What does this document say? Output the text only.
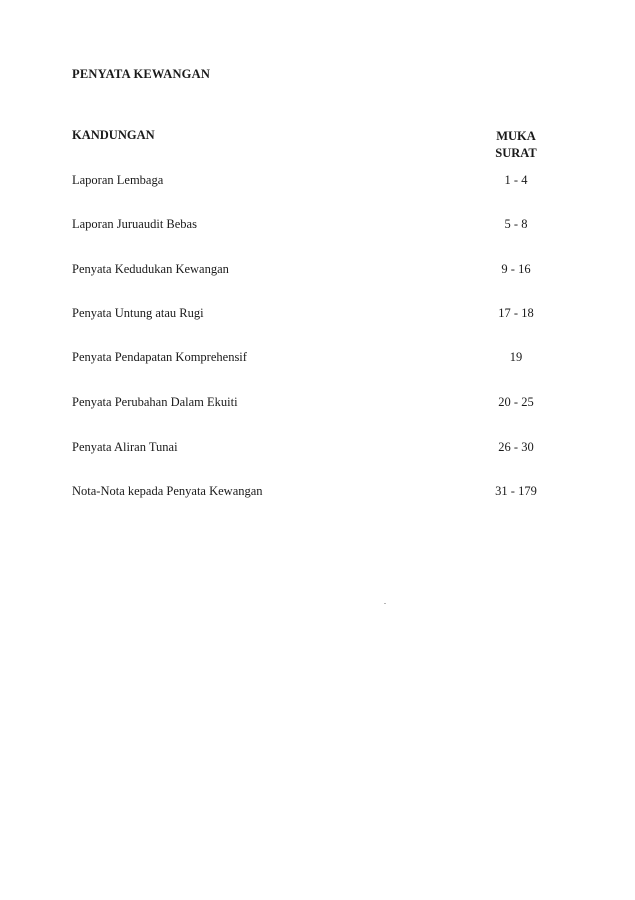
PENYATA KEWANGAN
KANDUNGAN	MUKA
SURAT
Laporan Lembaga	1 - 4
Laporan Juruaudit Bebas	5 - 8
Penyata Kedudukan Kewangan	9 - 16
Penyata Untung atau Rugi	17 - 18
Penyata Pendapatan Komprehensif	19
Penyata Perubahan Dalam Ekuiti	20 - 25
Penyata Aliran Tunai	26 - 30
Nota-Nota kepada Penyata Kewangan	31 - 179
